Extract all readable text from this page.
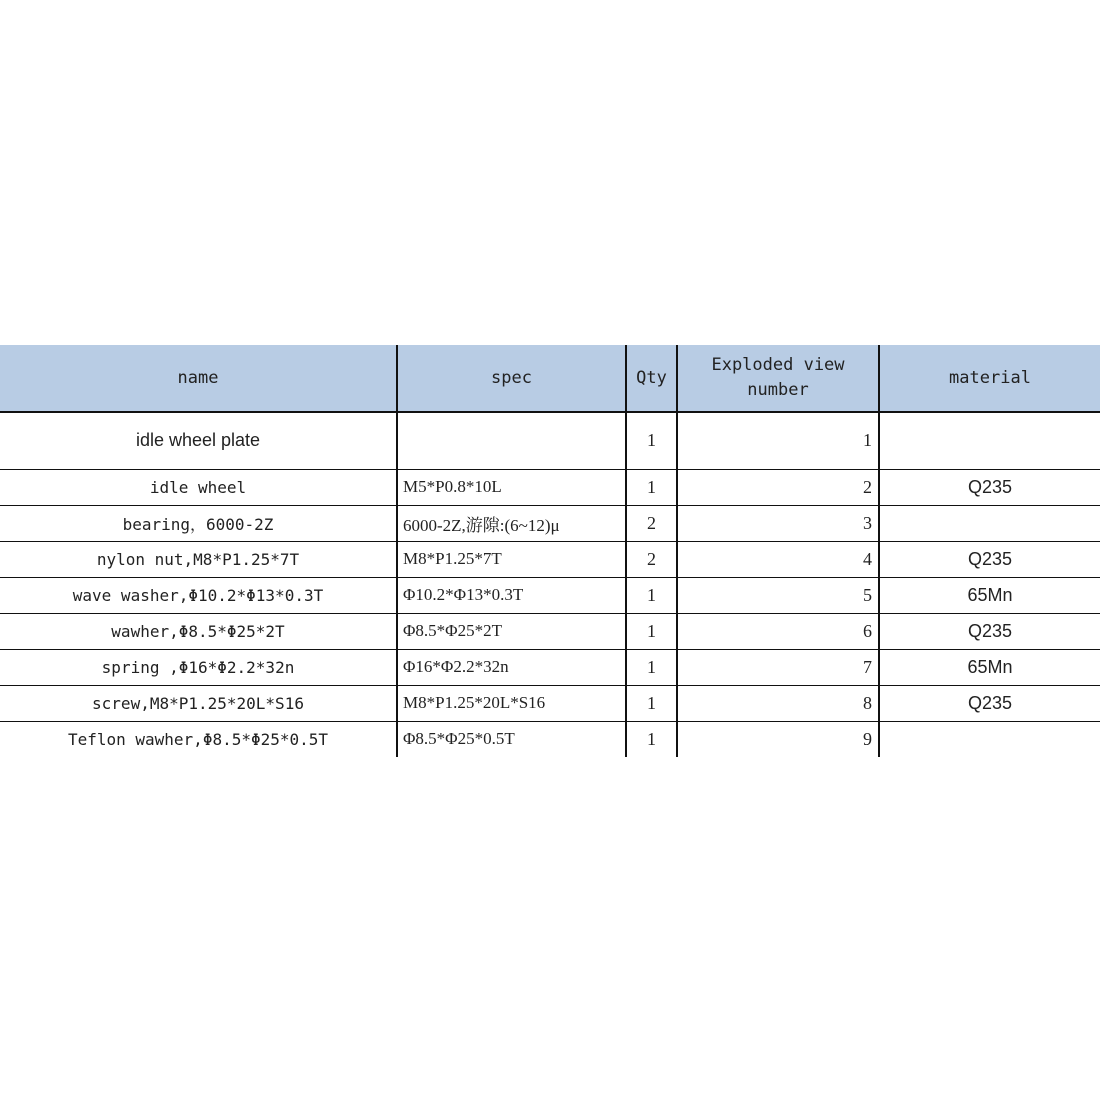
name	spec	Qty	Exploded view number	material
idle wheel plate		1	1	
idle wheel	M5*P0.8*10L	1	2	Q235
bearing，6000-2Z	6000-2Z,游隙:(6~12)μ	2	3	
nylon nut,M8*P1.25*7T	M8*P1.25*7T	2	4	Q235
wave washer,Φ10.2*Φ13*0.3T	Φ10.2*Φ13*0.3T	1	5	65Mn
wawher,Φ8.5*Φ25*2T	Φ8.5*Φ25*2T	1	6	Q235
spring ,Φ16*Φ2.2*32n	Φ16*Φ2.2*32n	1	7	65Mn
screw,M8*P1.25*20L*S16	M8*P1.25*20L*S16	1	8	Q235
Teflon wawher,Φ8.5*Φ25*0.5T	Φ8.5*Φ25*0.5T	1	9	
